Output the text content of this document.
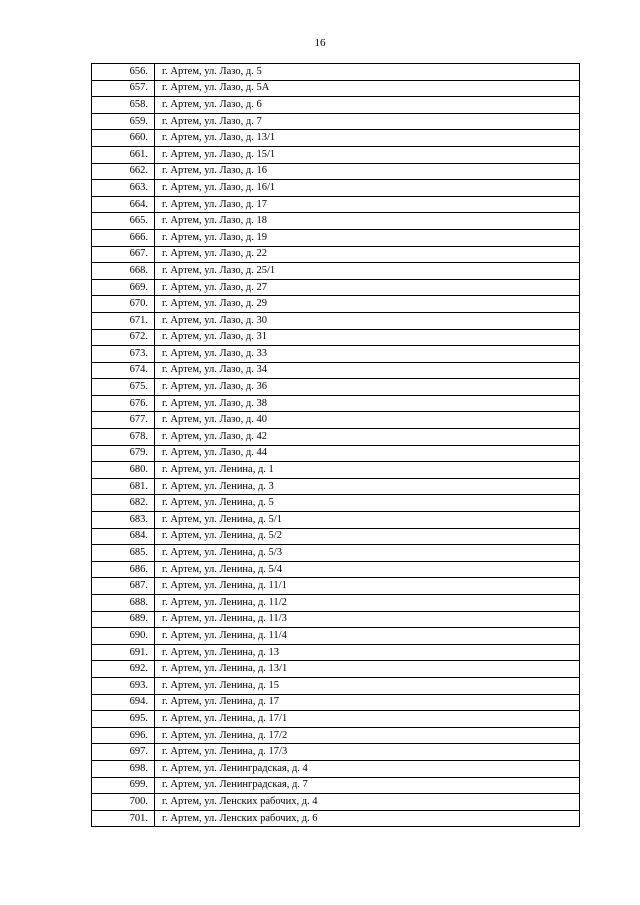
16
656.	г. Артем, ул. Лазо, д. 5
657.	г. Артем, ул. Лазо, д. 5А
658.	г. Артем, ул. Лазо, д. 6
659.	г. Артем, ул. Лазо, д. 7
660.	г. Артем, ул. Лазо, д. 13/1
661.	г. Артем, ул. Лазо, д. 15/1
662.	г. Артем, ул. Лазо, д. 16
663.	г. Артем, ул. Лазо, д. 16/1
664.	г. Артем, ул. Лазо, д. 17
665.	г. Артем, ул. Лазо, д. 18
666.	г. Артем, ул. Лазо, д. 19
667.	г. Артем, ул. Лазо, д. 22
668.	г. Артем, ул. Лазо, д. 25/1
669.	г. Артем, ул. Лазо, д. 27
670.	г. Артем, ул. Лазо, д. 29
671.	г. Артем, ул. Лазо, д. 30
672.	г. Артем, ул. Лазо, д. 31
673.	г. Артем, ул. Лазо, д. 33
674.	г. Артем, ул. Лазо, д. 34
675.	г. Артем, ул. Лазо, д. 36
676.	г. Артем, ул. Лазо, д. 38
677.	г. Артем, ул. Лазо, д. 40
678.	г. Артем, ул. Лазо, д. 42
679.	г. Артем, ул. Лазо, д. 44
680.	г. Артем, ул. Ленина, д. 1
681.	г. Артем, ул. Ленина, д. 3
682.	г. Артем, ул. Ленина, д. 5
683.	г. Артем, ул. Ленина, д. 5/1
684.	г. Артем, ул. Ленина, д. 5/2
685.	г. Артем, ул. Ленина, д. 5/3
686.	г. Артем, ул. Ленина, д. 5/4
687.	г. Артем, ул. Ленина, д. 11/1
688.	г. Артем, ул. Ленина, д. 11/2
689.	г. Артем, ул. Ленина, д. 11/3
690.	г. Артем, ул. Ленина, д. 11/4
691.	г. Артем, ул. Ленина, д. 13
692.	г. Артем, ул. Ленина, д. 13/1
693.	г. Артем, ул. Ленина, д. 15
694.	г. Артем, ул. Ленина, д. 17
695.	г. Артем, ул. Ленина, д. 17/1
696.	г. Артем, ул. Ленина, д. 17/2
697.	г. Артем, ул. Ленина, д. 17/3
698.	г. Артем, ул. Ленинградская, д. 4
699.	г. Артем, ул. Ленинградская, д. 7
700.	г. Артем, ул. Ленских рабочих, д. 4
701.	г. Артем, ул. Ленских рабочих, д. 6
